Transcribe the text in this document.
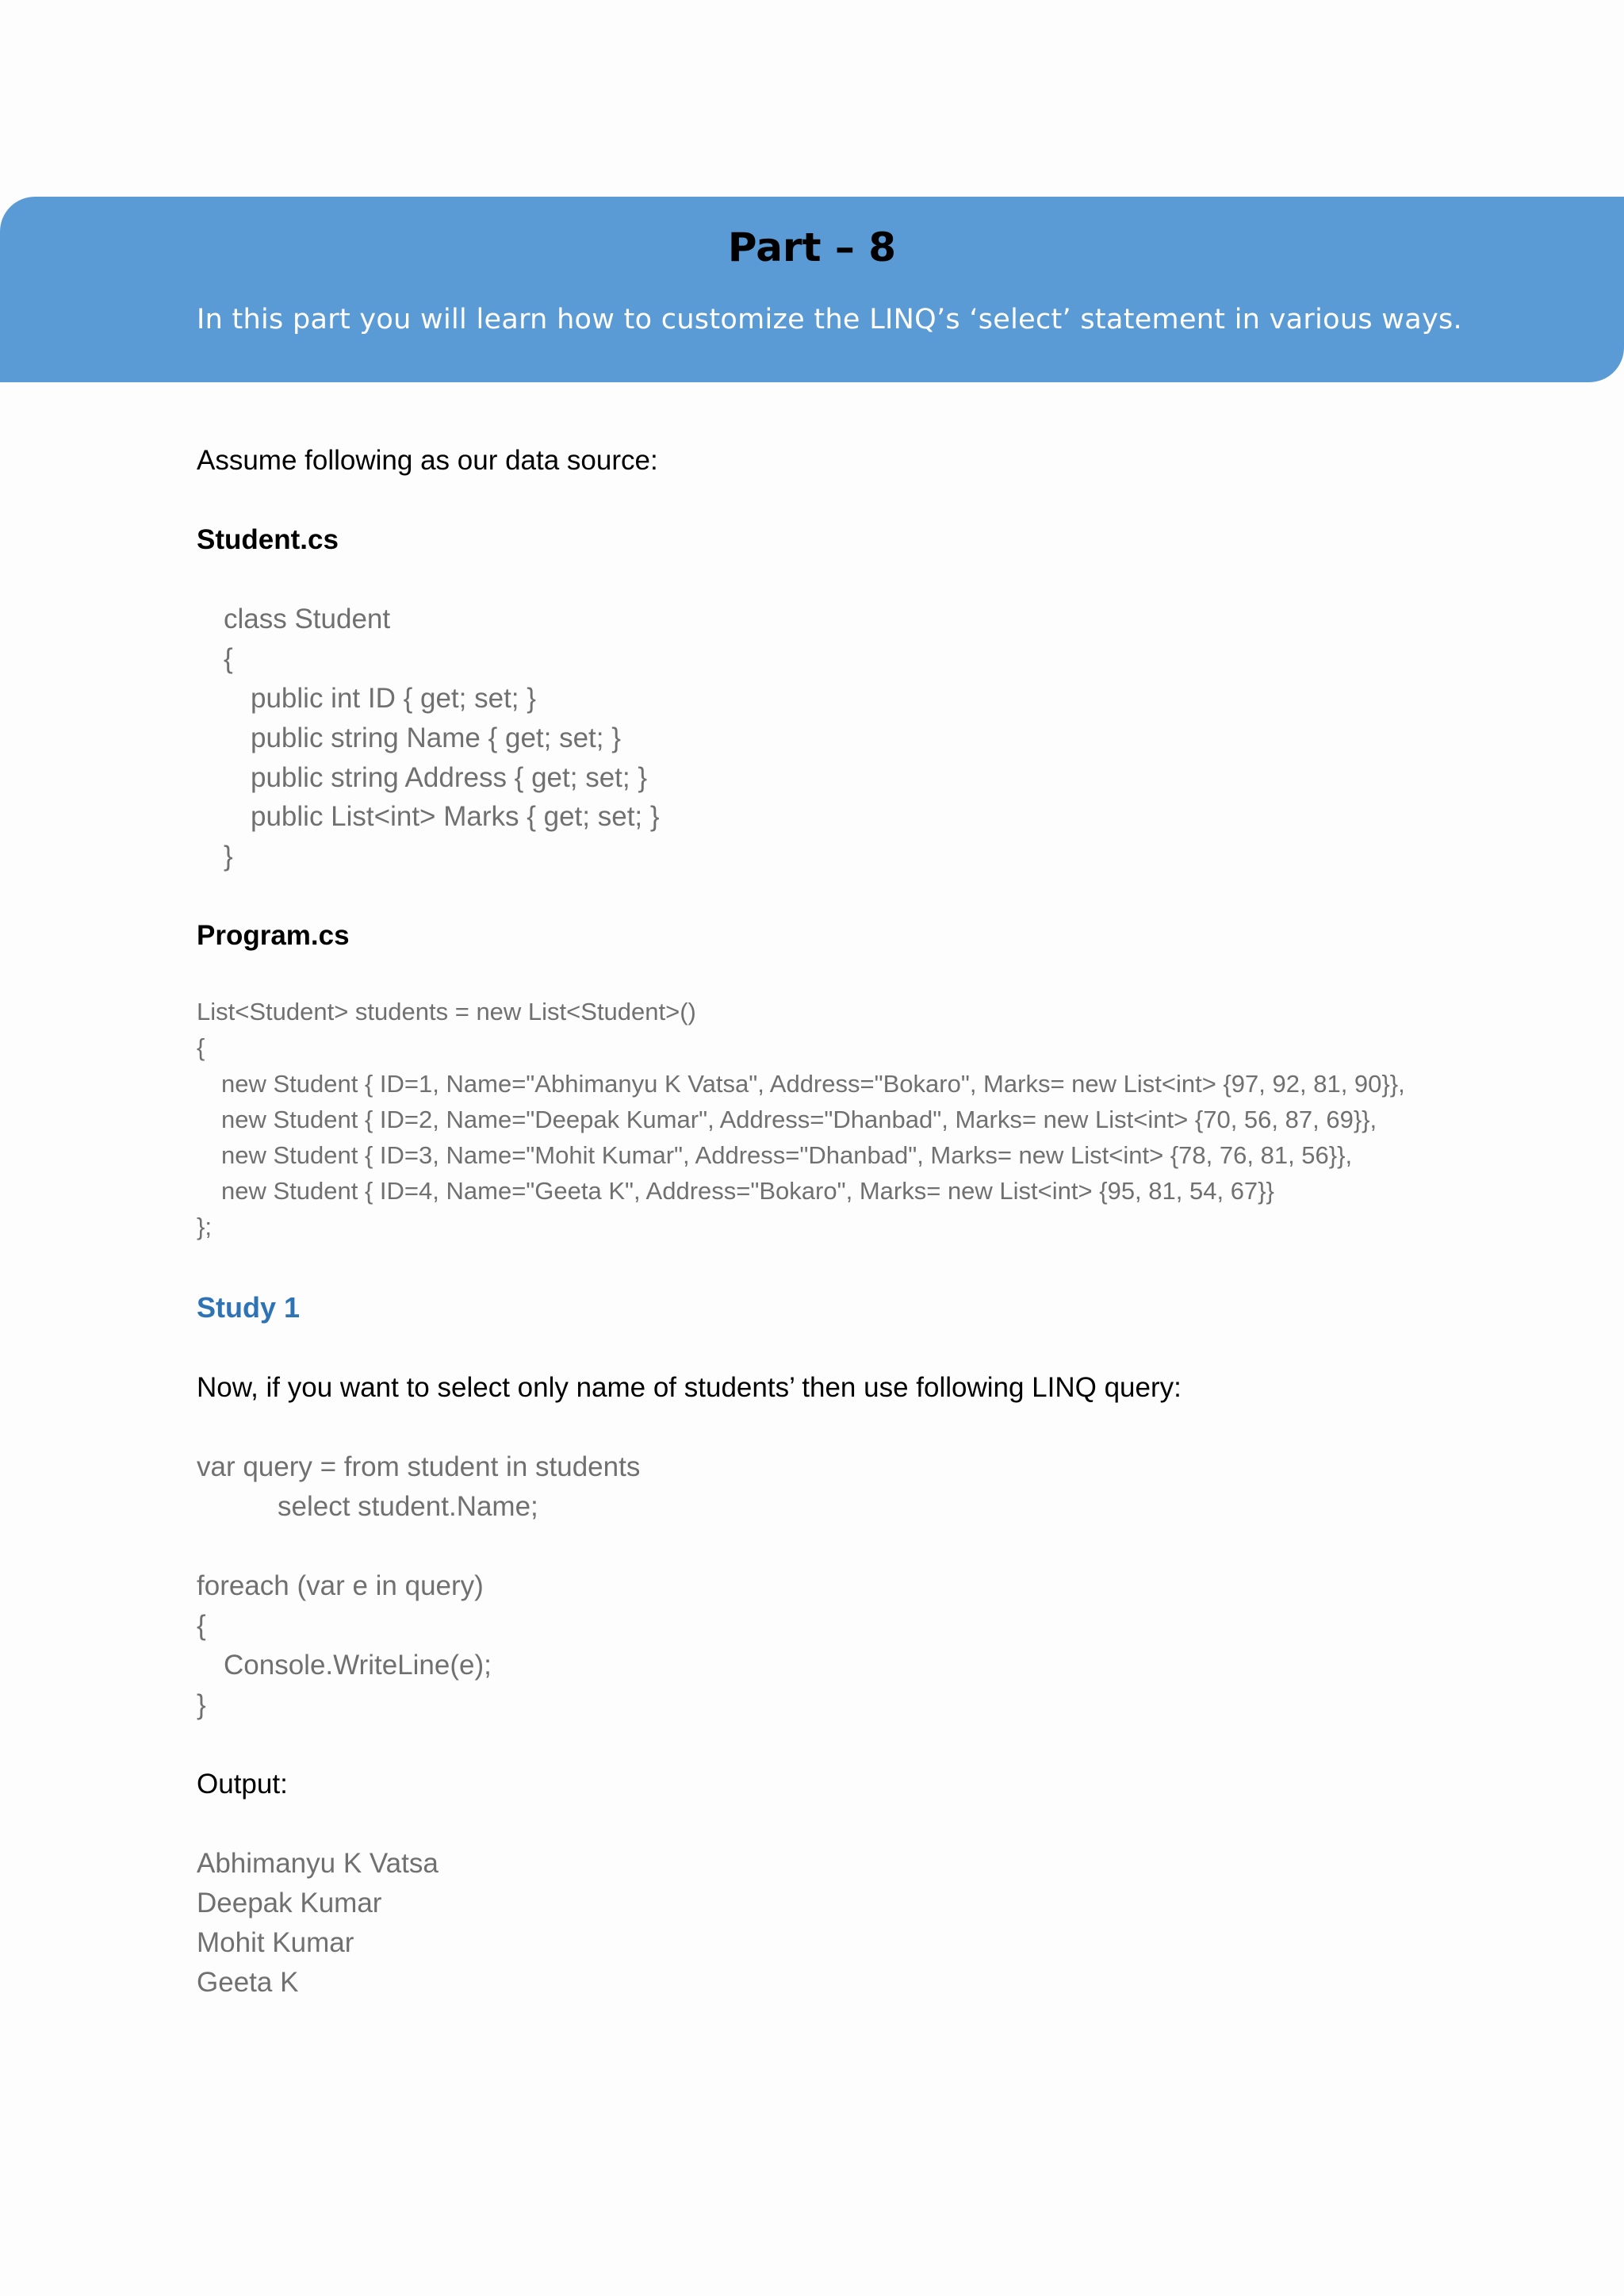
Part – 8
In this part you will learn how to customize the LINQ’s ‘select’ statement in various ways.
Assume following as our data source:
Student.cs
class Student
{
public int ID { get; set; }
public string Name { get; set; }
public string Address { get; set; }
public List<int> Marks { get; set; }
}
Program.cs
List<Student> students = new List<Student>()
{
new Student { ID=1, Name="Abhimanyu K Vatsa", Address="Bokaro", Marks= new List<int> {97, 92, 81, 90}},
new Student { ID=2, Name="Deepak Kumar", Address="Dhanbad", Marks= new List<int> {70, 56, 87, 69}},
new Student { ID=3, Name="Mohit Kumar", Address="Dhanbad", Marks= new List<int> {78, 76, 81, 56}},
new Student { ID=4, Name="Geeta K", Address="Bokaro", Marks= new List<int> {95, 81, 54, 67}}
};
Study 1
Now, if you want to select only name of students’ then use following LINQ query:
var query = from student in students
select student.Name;
foreach (var e in query)
{
Console.WriteLine(e);
}
Output:
Abhimanyu K Vatsa
Deepak Kumar
Mohit Kumar
Geeta K
